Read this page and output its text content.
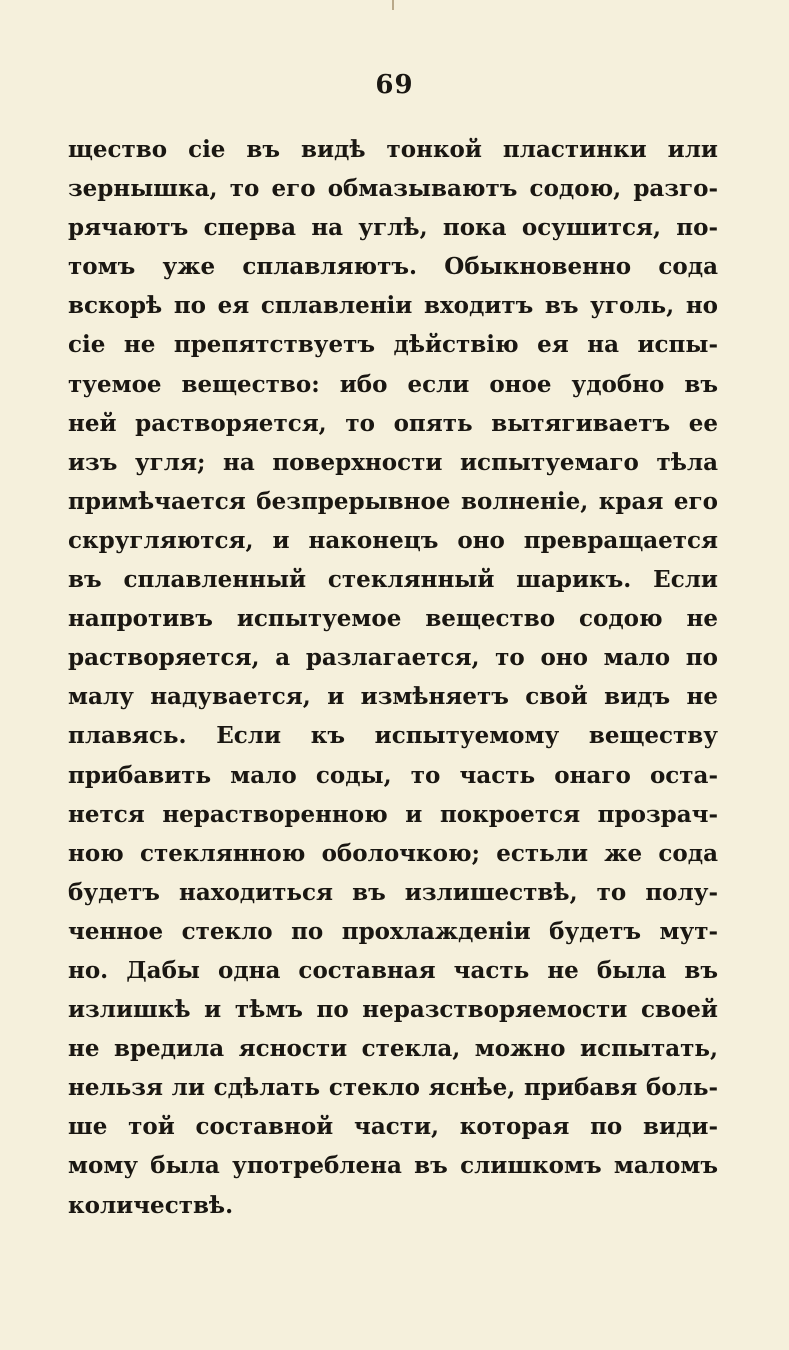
69
щество сіе въ видѣ тонкой пластинки или
зернышка, то его обмазываютъ содою, разго-
рячаютъ сперва на углѣ, пока осушится, по-
томъ уже сплавляютъ. Обыкновенно сода
вскорѣ по ея сплавленіи входитъ въ уголь, но
сіе не препятствуетъ дѣйствію ея на испы-
туемое вещество: ибо если оное удобно въ
ней растворяется, то опять вытягиваетъ ее
изъ угля; на поверхности испытуемаго тѣла
примѣчается безпрерывное волненіе, края его
скругляются, и наконецъ оно превращается
въ сплавленный стеклянный шарикъ. Если
напротивъ испытуемое вещество содою не
растворяется, а разлагается, то оно мало по
малу надувается, и измѣняетъ свой видъ не
плавясь. Если къ испытуемому веществу
прибавить мало соды, то часть онаго оста-
нется нерастворенною и покроется прозрач-
ною стеклянною оболочкою; естьли же сода
будетъ находиться въ излишествѣ, то полу-
ченное стекло по прохлажденіи будетъ мут-
но. Дабы одна составная часть не была въ
излишкѣ и тѣмъ по неразстворяемости своей
не вредила ясности стекла, можно испытать,
нельзя ли сдѣлать стекло яснѣе, прибавя боль-
ше той составной части, которая по види-
мому была употреблена въ слишкомъ маломъ
количествѣ.
